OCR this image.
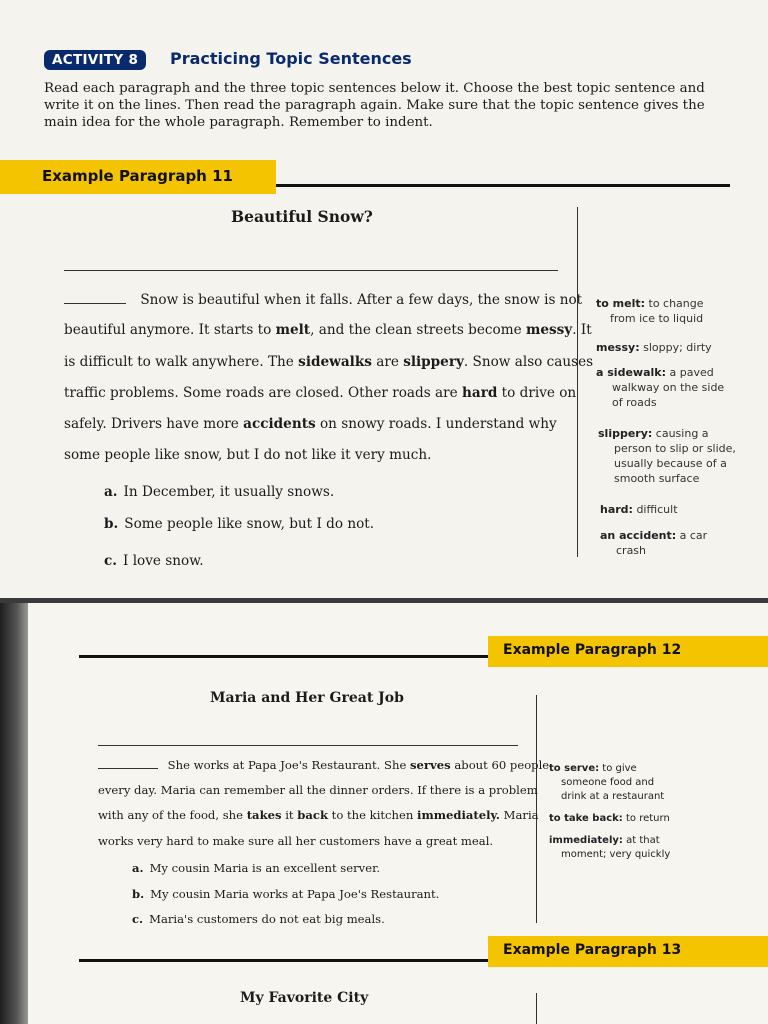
ACTIVITY 8	Practicing Topic Sentences
Read each paragraph and the three topic sentences below it. Choose the best topic sentence and write it on the lines. Then read the paragraph again. Make sure that the topic sentence gives the main idea for the whole paragraph. Remember to indent.
Example Paragraph 11
Beautiful Snow?
Snow is beautiful when it falls. After a few days, the snow is not
beautiful anymore. It starts to melt, and the clean streets become messy. It
is difficult to walk anywhere. The sidewalks are slippery. Snow also causes
traffic problems. Some roads are closed. Other roads are hard to drive on
safely. Drivers have more accidents on snowy roads. I understand why
some people like snow, but I do not like it very much.
a. In December, it usually snows.
b. Some people like snow, but I do not.
c. I love snow.
to melt: to change
from ice to liquid
messy: sloppy; dirty
a sidewalk: a paved
walkway on the side
of roads
slippery: causing a
person to slip or slide,
usually because of a
smooth surface
hard: difficult
an accident: a car
crash
Example Paragraph 12
Maria and Her Great Job
She works at Papa Joe's Restaurant. She serves about 60 people
every day. Maria can remember all the dinner orders. If there is a problem
with any of the food, she takes it back to the kitchen immediately. Maria
works very hard to make sure all her customers have a great meal.
a. My cousin Maria is an excellent server.
b. My cousin Maria works at Papa Joe's Restaurant.
c. Maria's customers do not eat big meals.
to serve: to give
someone food and
drink at a restaurant
to take back: to return
immediately: at that
moment; very quickly
Example Paragraph 13
My Favorite City
